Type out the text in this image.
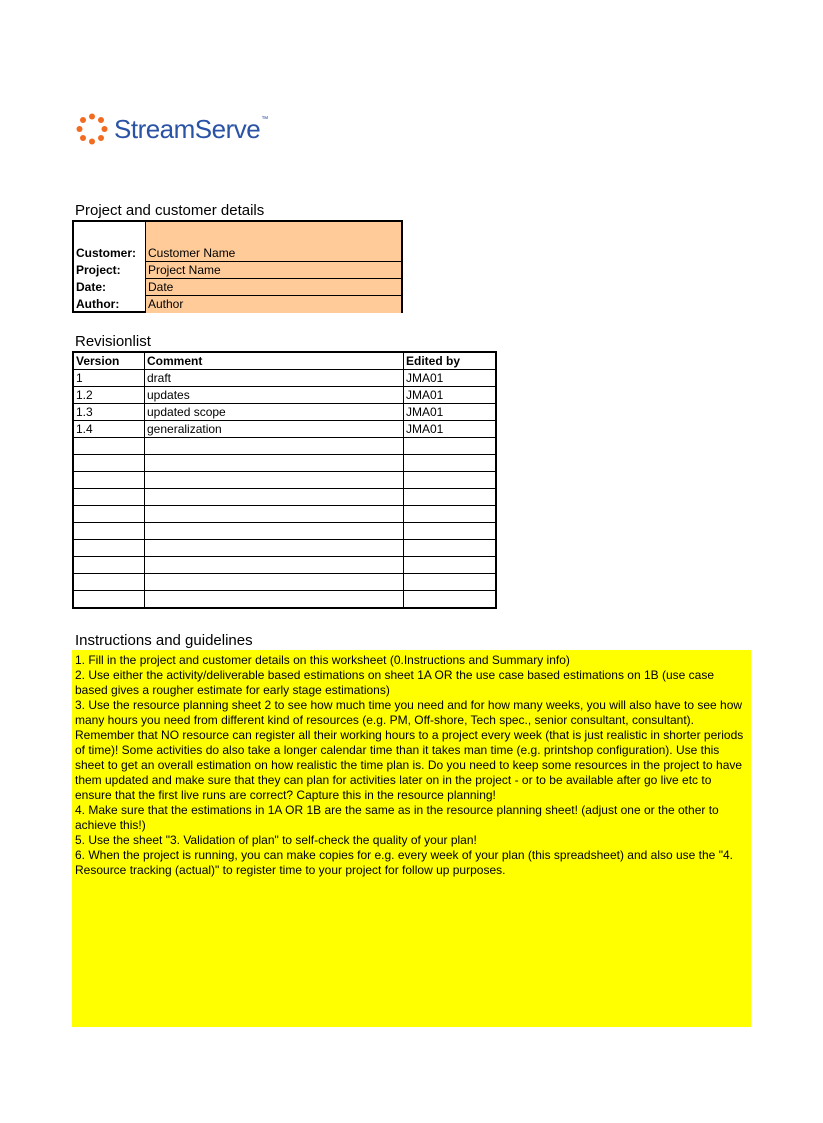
StreamServe ™
Project and customer details
Customer: Customer Name
Project: Project Name
Date:	Date
Author: Author
Revisionlist
Version	Comment	Edited by
1	draft	JMA01
1.2	updates	JMA01
1.3	updated scope	JMA01
1.4	generalization	JMA01

Instructions and guidelines

1. Fill in the project and customer details on this worksheet (0.Instructions and Summary info)

2. Use either the activity/deliverable based estimations on sheet 1A OR the use case based estimations on 1B (use case based gives a rougher estimate for early stage estimations)

3. Use the resource planning sheet 2 to see how much time you need and for how many weeks, you will also have to see how many hours you need from different kind of resources (e.g. PM, Off-shore, Tech spec., senior consultant, consultant). Remember that NO resource can register all their working hours to a project every week (that is just realistic in shorter periods of time)! Some activities do also take a longer calendar time than it takes man time (e.g. printshop configuration). Use this sheet to get an overall estimation on how realistic the time plan is. Do you need to keep some resources in the project to have them updated and make sure that they can plan for activities later on in the project - or to be available after go live etc to ensure that the first live runs are correct? Capture this in the resource planning!

4. Make sure that the estimations in 1A OR 1B are the same as in the resource planning sheet! (adjust one or the other to achieve this!)

5. Use the sheet "3. Validation of plan" to self-check the quality of your plan!

6. When the project is running, you can make copies for e.g. every week of your plan (this spreadsheet) and also use the "4. Resource tracking (actual)" to register time to your project for follow up purposes.
